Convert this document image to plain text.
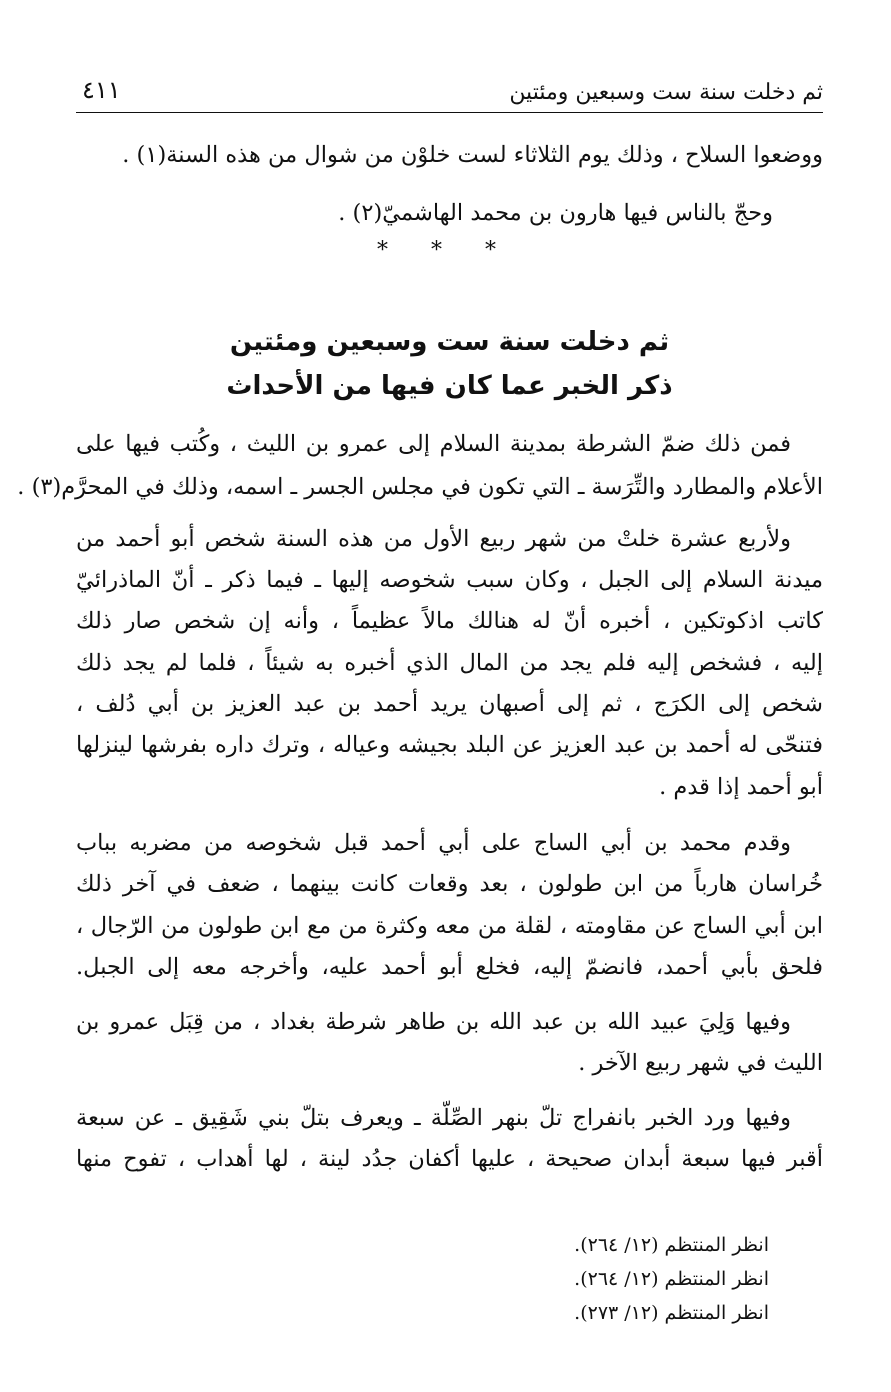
ثم دخلت سنة ست وسبعين ومئتين
٤١١
ووضعوا السلاح ، وذلك يوم الثلاثاء لست خلوْن من شوال من هذه السنة(١) .
وحجّ بالناس فيها هارون بن محمد الهاشميّ(٢) .
* * *
ثم دخلت سنة ست وسبعين ومئتين
ذكر الخبر عما كان فيها من الأحداث
فمن ذلك ضمّ الشرطة بمدينة السلام إلى عمرو بن الليث ، وكُتب فيها على
الأعلام والمطارد والتِّرَسة ـ التي تكون في مجلس الجسر ـ اسمه، وذلك في المحرَّم(٣) .
ولأربع عشرة خلتْ من شهر ربيع الأول من هذه السنة شخص أبو أحمد من
ميدنة السلام إلى الجبل ، وكان سبب شخوصه إليها ـ فيما ذكر ـ أنّ الماذرائيّ
كاتب اذكوتكين ، أخبره أنّ له هنالك مالاً عظيماً ، وأنه إن شخص صار ذلك
إليه ، فشخص إليه فلم يجد من المال الذي أخبره به شيئاً ، فلما لم يجد ذلك
شخص إلى الكرَج ، ثم إلى أصبهان يريد أحمد بن عبد العزيز بن أبي دُلف ،
فتنحّى له أحمد بن عبد العزيز عن البلد بجيشه وعياله ، وترك داره بفرشها لينزلها
أبو أحمد إذا قدم .
وقدم محمد بن أبي الساج على أبي أحمد قبل شخوصه من مضربه بباب
خُراسان هارباً من ابن طولون ، بعد وقعات كانت بينهما ، ضعف في آخر ذلك
ابن أبي الساج عن مقاومته ، لقلة من معه وكثرة من مع ابن طولون من الرّجال ،
فلحق بأبي أحمد، فانضمّ إليه، فخلع أبو أحمد عليه، وأخرجه معه إلى الجبل.
وفيها وَلِيَ عبيد الله بن عبد الله بن طاهر شرطة بغداد ، من قِبَل عمرو بن
الليث في شهر ربيع الآخر .
وفيها ورد الخبر بانفراج تلّ بنهر الصِّلّة ـ ويعرف بتلّ بني شَقِيق ـ عن سبعة
أقبر فيها سبعة أبدان صحيحة ، عليها أكفان جدُد لينة ، لها أهداب ، تفوح منها
انظر المنتظم (١٢/ ٢٦٤).
انظر المنتظم (١٢/ ٢٦٤).
انظر المنتظم (١٢/ ٢٧٣).
